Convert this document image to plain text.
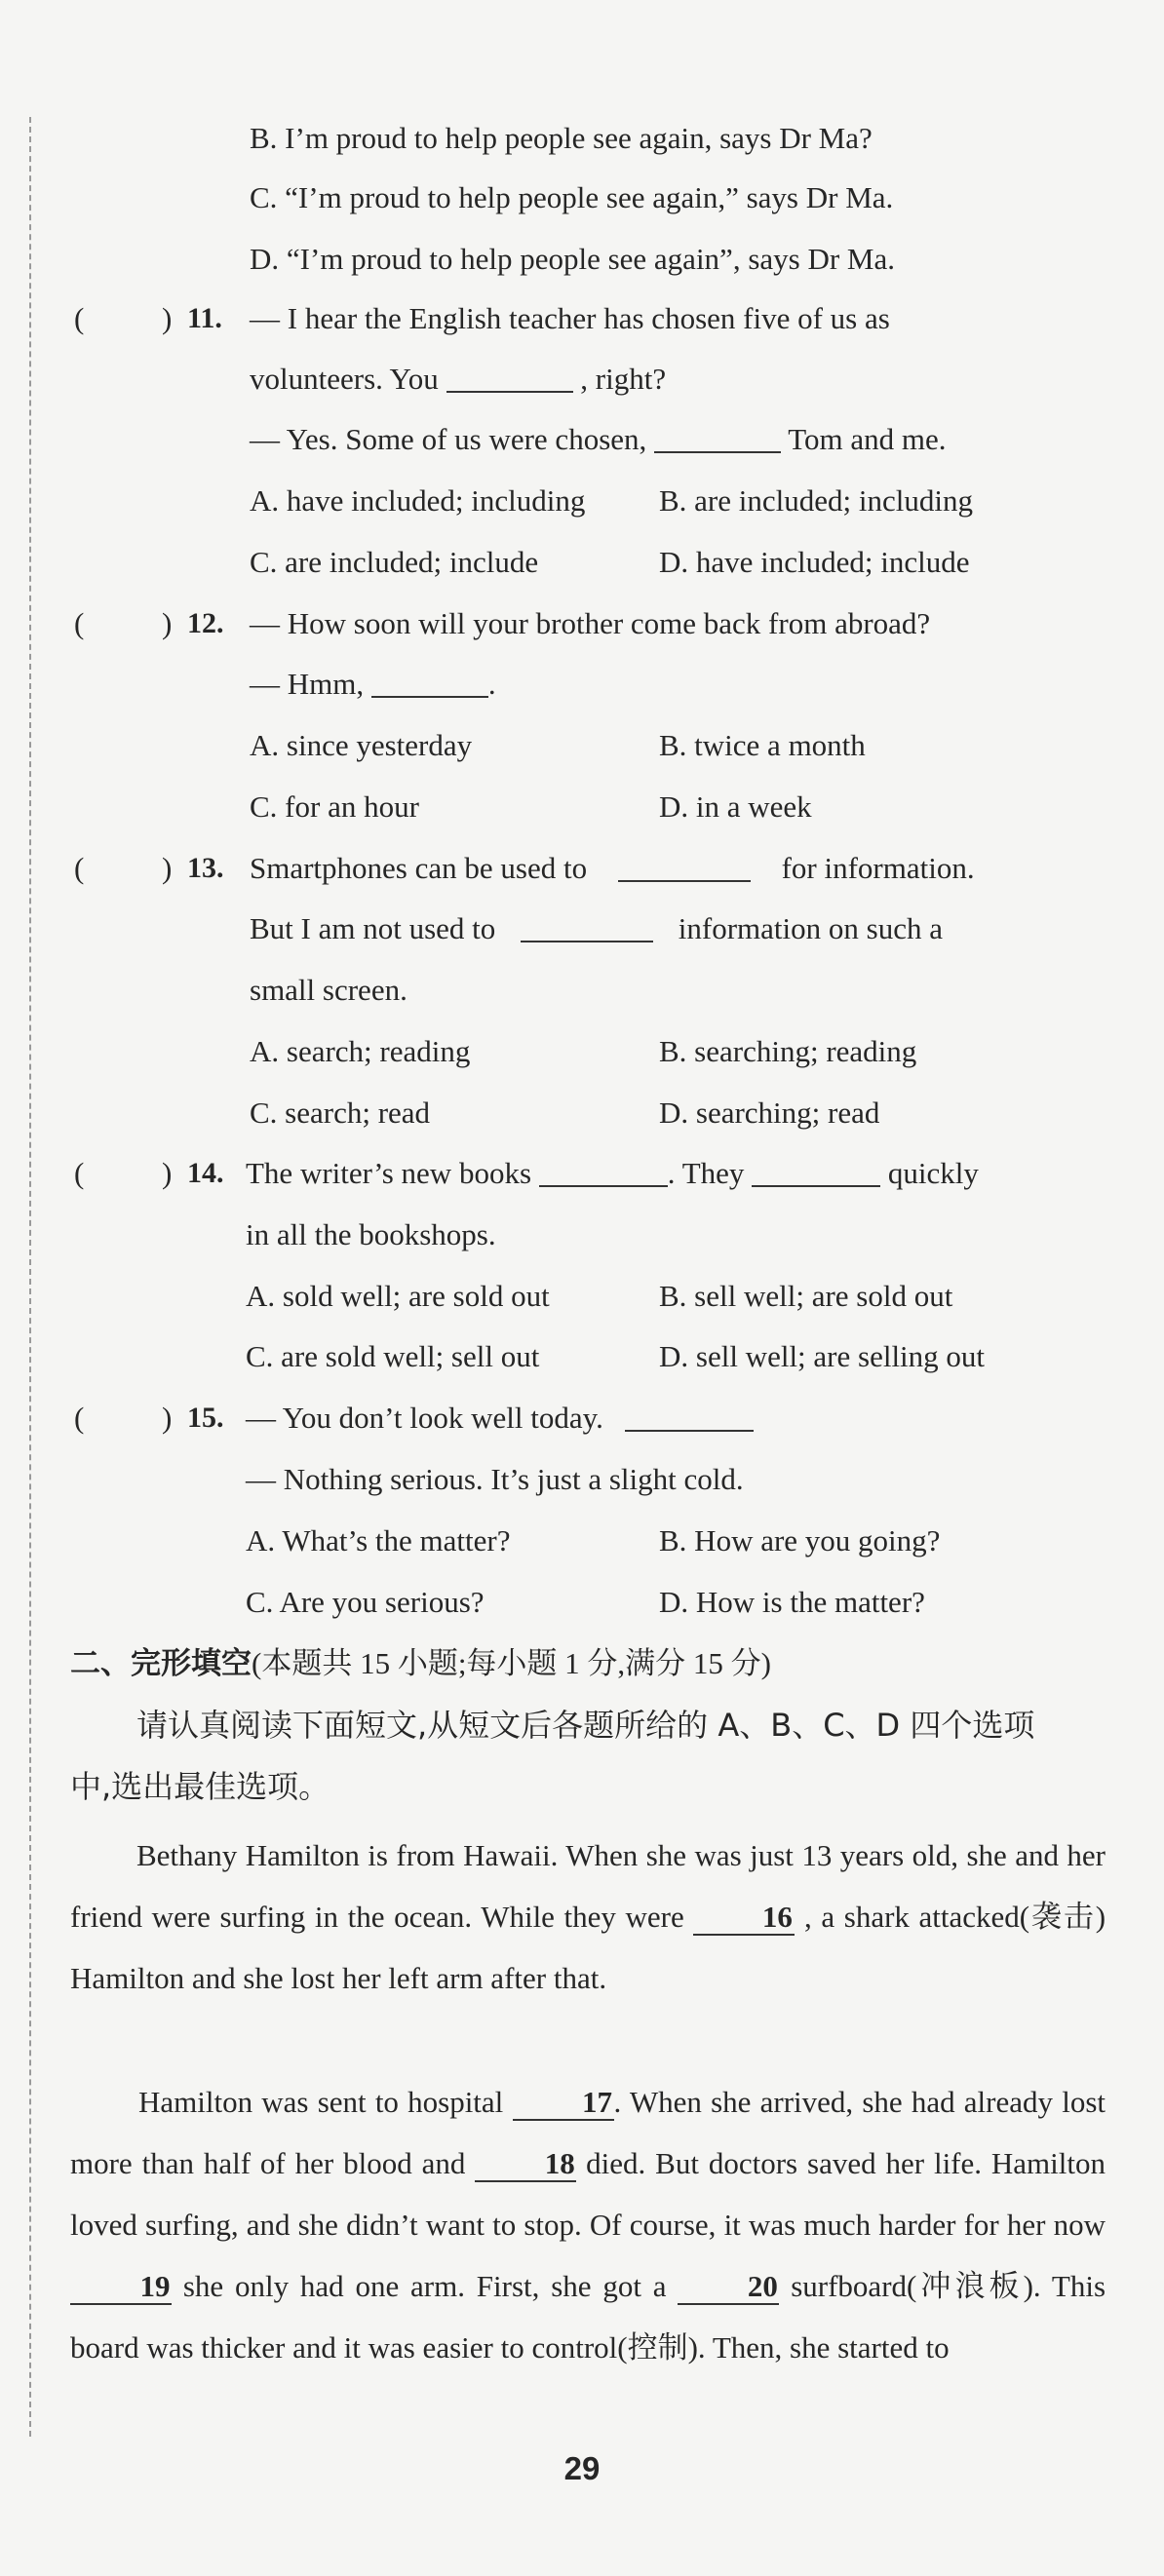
B. I’m proud to help people see again, says Dr Ma?
C. “I’m proud to help people see again,” says Dr Ma.
D. “I’m proud to help people see again”, says Dr Ma.
(	) 11. — I hear the English teacher has chosen five of us as
volunteers. You	, right?
— Yes. Some of us were chosen,	Tom and me.
A. have included; including B. are included; including
C. are included; include	D. have included; include
(	) 12. — How soon will your brother come back from abroad?
— Hmm,	.
A. since yesterday	B. twice a month
C. for an hour	D. in a week
(	) 13. Smartphones can be used to	for information.
But I am not used to	information on such a
small screen.
A. search; reading	B. searching; reading
C. search; read	D. searching; read
(	) 14. The writer’s new books	. They	quickly
in all the bookshops.
A. sold well; are sold out	B. sell well; are sold out
C. are sold well; sell out	D. sell well; are selling out
(	) 15. — You don’t look well today.
— Nothing serious. It’s just a slight cold.
A. What’s the matter?	B. How are you going?
C. Are you serious?	D. How is the matter?
二、完形填空(本题共 15 小题;每小题 1 分,满分 15 分)
请认真阅读下面短文,从短文后各题所给的 A、B、C、D 四个选项
中,选出最佳选项。
Bethany Hamilton is from Hawaii. When she was just 13 years old, she and her friend were surfing in the ocean. While they were	16 , a shark attacked(袭击) Hamilton and she lost her left arm after that.
Hamilton was sent to hospital	17. When she arrived, she had already lost more than half of her blood and	18 died. But doctors saved her life. Hamilton loved surfing, and she didn’t want to stop. Of course, it was much harder for her now 19 she only had one arm. First, she got a	20 surfboard(冲浪板). This board was thicker and it was easier to control(控制). Then, she started to
29
